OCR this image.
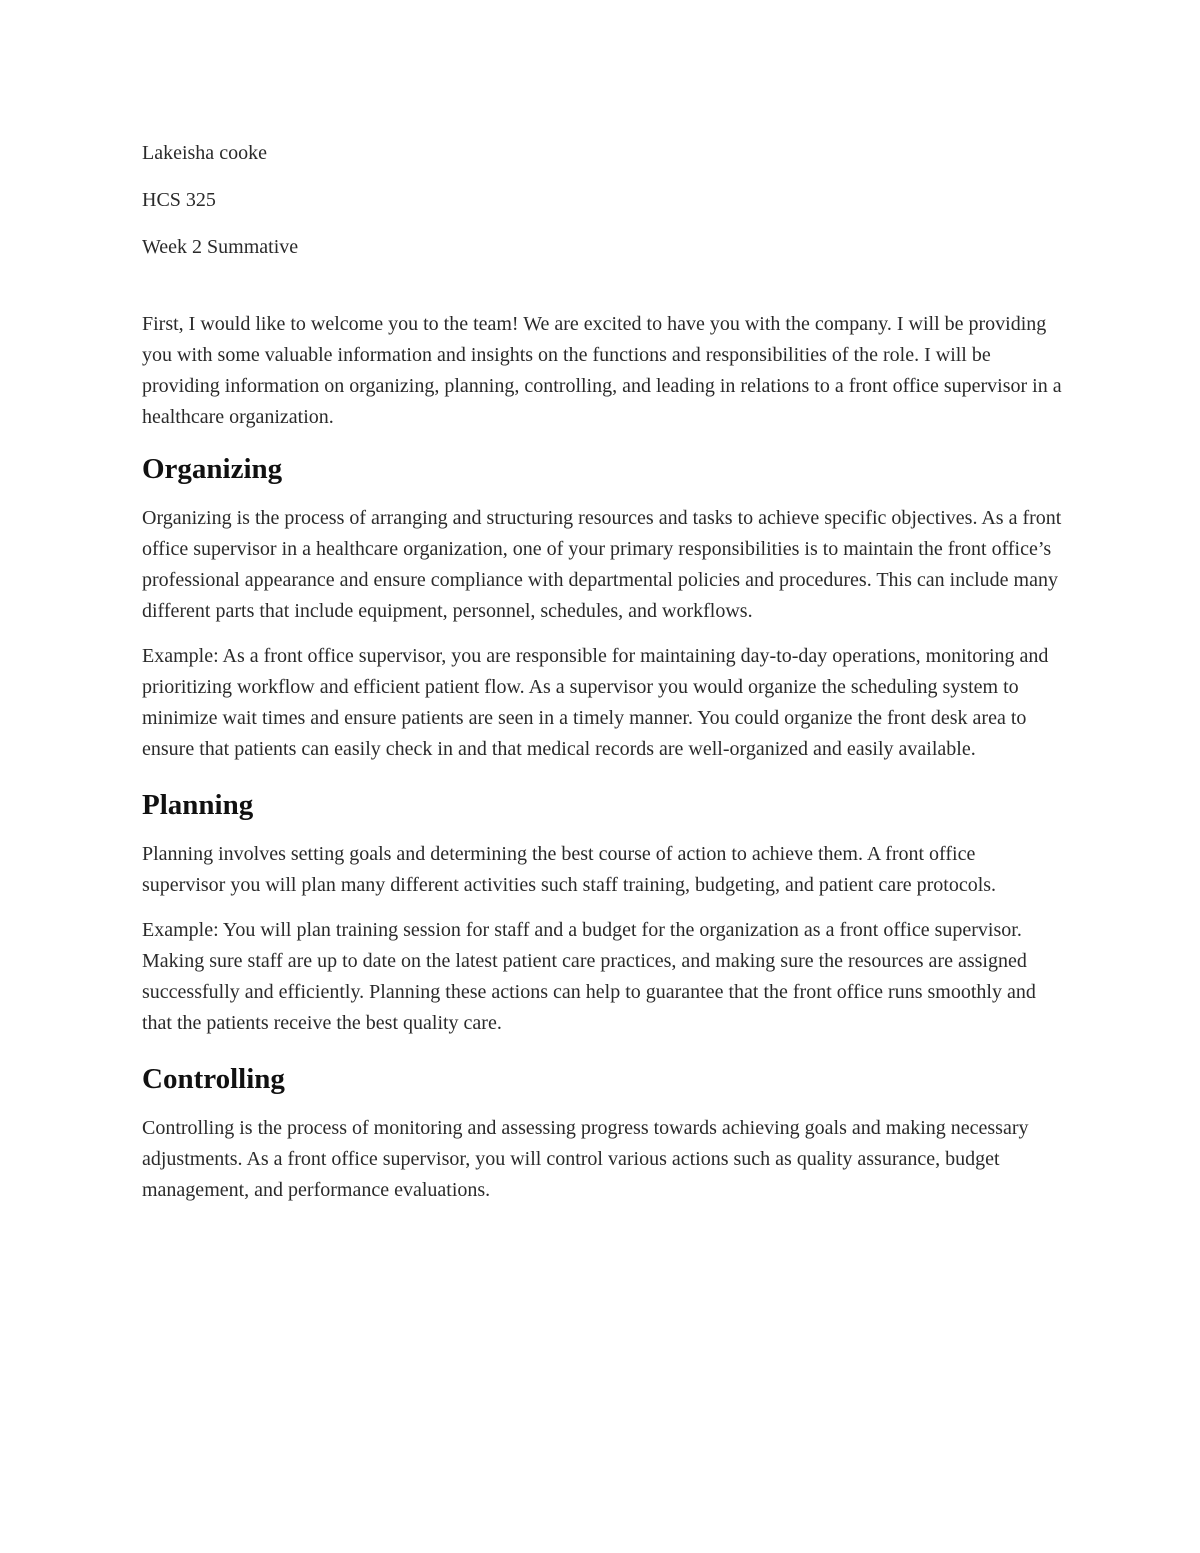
Lakeisha cooke
HCS 325
Week 2 Summative

First, I would like to welcome you to the team! We are excited to have you with the company. I will be providing you with some valuable information and insights on the functions and responsibilities of the role. I will be providing information on organizing, planning, controlling, and leading in relations to a front office supervisor in a healthcare organization.

Organizing

Organizing is the process of arranging and structuring resources and tasks to achieve specific objectives. As a front office supervisor in a healthcare organization, one of your primary responsibilities is to maintain the front office’s professional appearance and ensure compliance with departmental policies and procedures. This can include many different parts that include equipment, personnel, schedules, and workflows.

Example: As a front office supervisor, you are responsible for maintaining day-to-day operations, monitoring and prioritizing workflow and efficient patient flow. As a supervisor you would organize the scheduling system to minimize wait times and ensure patients are seen in a timely manner. You could organize the front desk area to ensure that patients can easily check in and that medical records are well-organized and easily available.

Planning

Planning involves setting goals and determining the best course of action to achieve them. A front office supervisor you will plan many different activities such staff training, budgeting, and patient care protocols.

Example: You will plan training session for staff and a budget for the organization as a front office supervisor. Making sure staff are up to date on the latest patient care practices, and making sure the resources are assigned successfully and efficiently. Planning these actions can help to guarantee that the front office runs smoothly and that the patients receive the best quality care.

Controlling

Controlling is the process of monitoring and assessing progress towards achieving goals and making necessary adjustments. As a front office supervisor, you will control various actions such as quality assurance, budget management, and performance evaluations.
